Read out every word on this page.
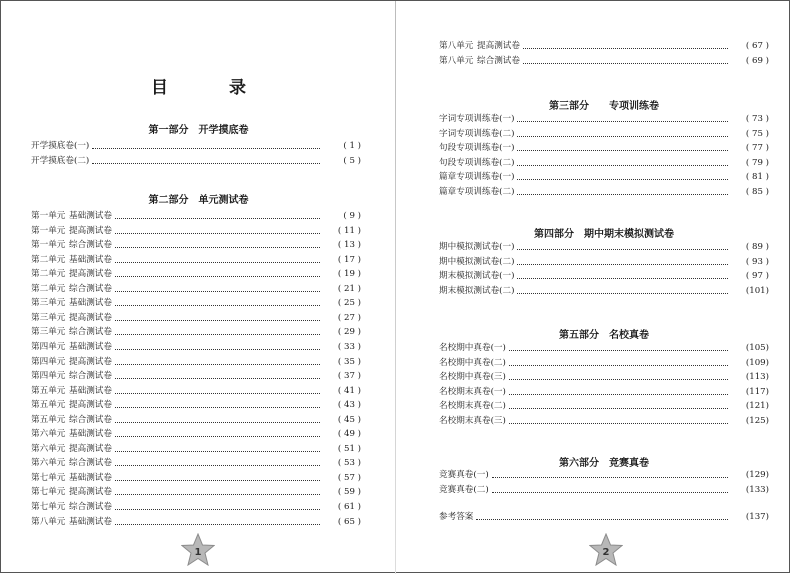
目　录
第一部分　开学摸底卷
开学摸底卷(一)	( 1 )
开学摸底卷(二)	( 5 )
第二部分　单元测试卷
第一单元 基础测试卷	( 9 )
第一单元 提高测试卷	( 11 )
第一单元 综合测试卷	( 13 )
第二单元 基础测试卷	( 17 )
第二单元 提高测试卷	( 19 )
第二单元 综合测试卷	( 21 )
第三单元 基础测试卷	( 25 )
第三单元 提高测试卷	( 27 )
第三单元 综合测试卷	( 29 )
第四单元 基础测试卷	( 33 )
第四单元 提高测试卷	( 35 )
第四单元 综合测试卷	( 37 )
第五单元 基础测试卷	( 41 )
第五单元 提高测试卷	( 43 )
第五单元 综合测试卷	( 45 )
第六单元 基础测试卷	( 49 )
第六单元 提高测试卷	( 51 )
第六单元 综合测试卷	( 53 )
第七单元 基础测试卷	( 57 )
第七单元 提高测试卷	( 59 )
第七单元 综合测试卷	( 61 )
第八单元 基础测试卷	( 65 )
第八单元 提高测试卷	( 67 )
第八单元 综合测试卷	( 69 )
第三部分　　专项训练卷
字词专项训练卷(一)	( 73 )
字词专项训练卷(二)	( 75 )
句段专项训练卷(一)	( 77 )
句段专项训练卷(二)	( 79 )
篇章专项训练卷(一)	( 81 )
篇章专项训练卷(二)	( 85 )
第四部分　期中期末模拟测试卷
期中模拟测试卷(一)	( 89 )
期中模拟测试卷(二)	( 93 )
期末模拟测试卷(一)	( 97 )
期末模拟测试卷(二)	(101)
第五部分　名校真卷
名校期中真卷(一)	(105)
名校期中真卷(二)	(109)
名校期中真卷(三)	(113)
名校期末真卷(一)	(117)
名校期末真卷(二)	(121)
名校期末真卷(三)	(125)
第六部分　竞赛真卷
竞赛真卷(一)	(129)
竞赛真卷(二)	(133)
参考答案	(137)
1	2
